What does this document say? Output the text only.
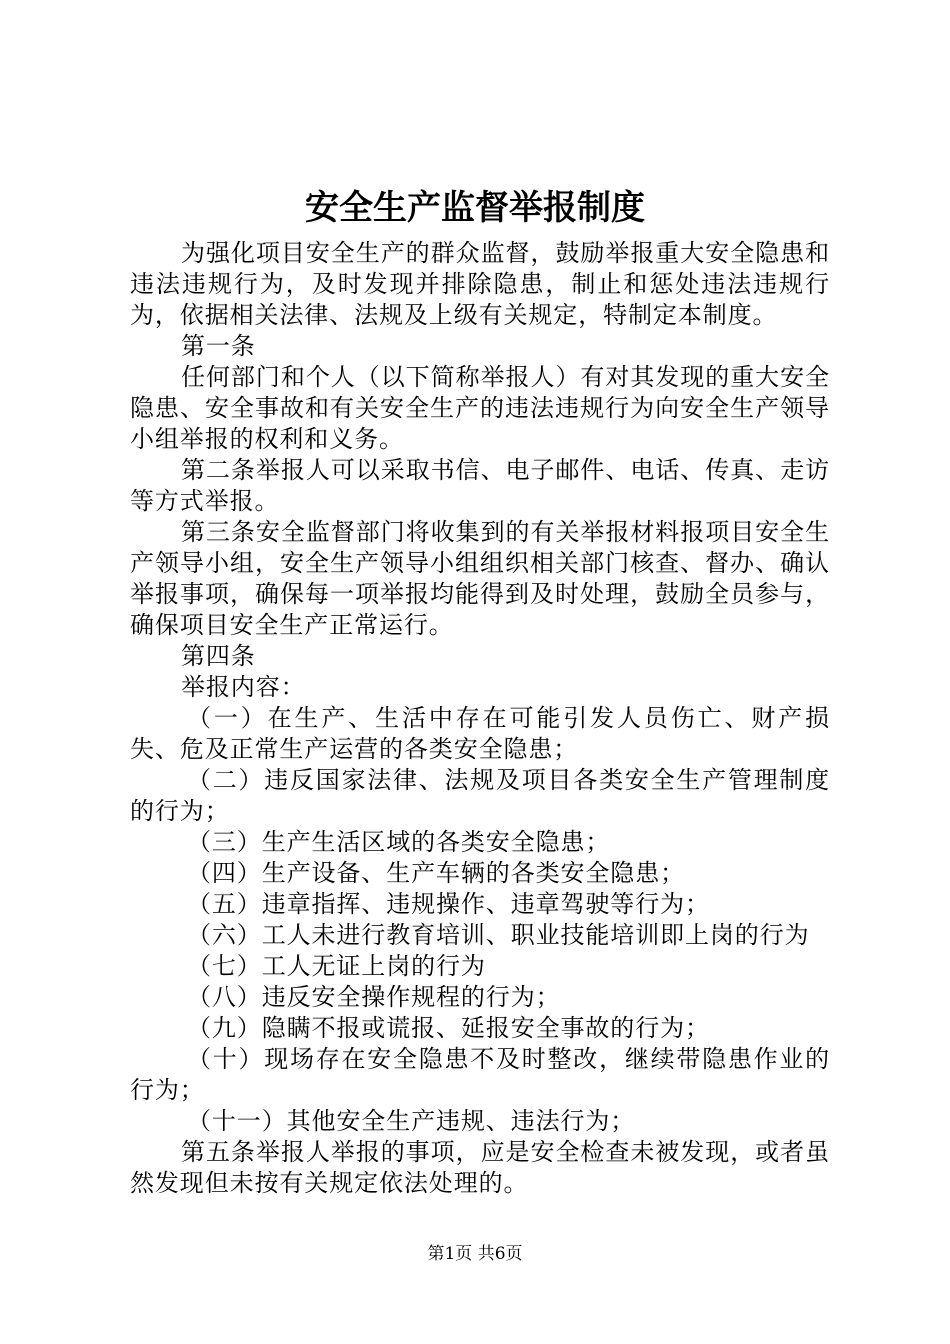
安全生产监督举报制度

为强化项目安全生产的群众监督，鼓励举报重大安全隐患和违法违规行为，及时发现并排除隐患，制止和惩处违法违规行为，依据相关法律、法规及上级有关规定，特制定本制度。

第一条

任何部门和个人（以下简称举报人）有对其发现的重大安全隐患、安全事故和有关安全生产的违法违规行为向安全生产领导小组举报的权利和义务。

第二条举报人可以采取书信、电子邮件、电话、传真、走访等方式举报。

第三条安全监督部门将收集到的有关举报材料报项目安全生产领导小组，安全生产领导小组组织相关部门核查、督办、确认举报事项，确保每一项举报均能得到及时处理，鼓励全员参与，确保项目安全生产正常运行。

第四条

举报内容：

（一）在生产、生活中存在可能引发人员伤亡、财产损失、危及正常生产运营的各类安全隐患；

（二）违反国家法律、法规及项目各类安全生产管理制度的行为；

（三）生产生活区域的各类安全隐患；

（四）生产设备、生产车辆的各类安全隐患；

（五）违章指挥、违规操作、违章驾驶等行为；

（六）工人未进行教育培训、职业技能培训即上岗的行为

（七）工人无证上岗的行为

（八）违反安全操作规程的行为；

（九）隐瞒不报或谎报、延报安全事故的行为；

（十）现场存在安全隐患不及时整改，继续带隐患作业的行为；

（十一）其他安全生产违规、违法行为；

第五条举报人举报的事项，应是安全检查未被发现，或者虽然发现但未按有关规定依法处理的。

第1页 共6页
